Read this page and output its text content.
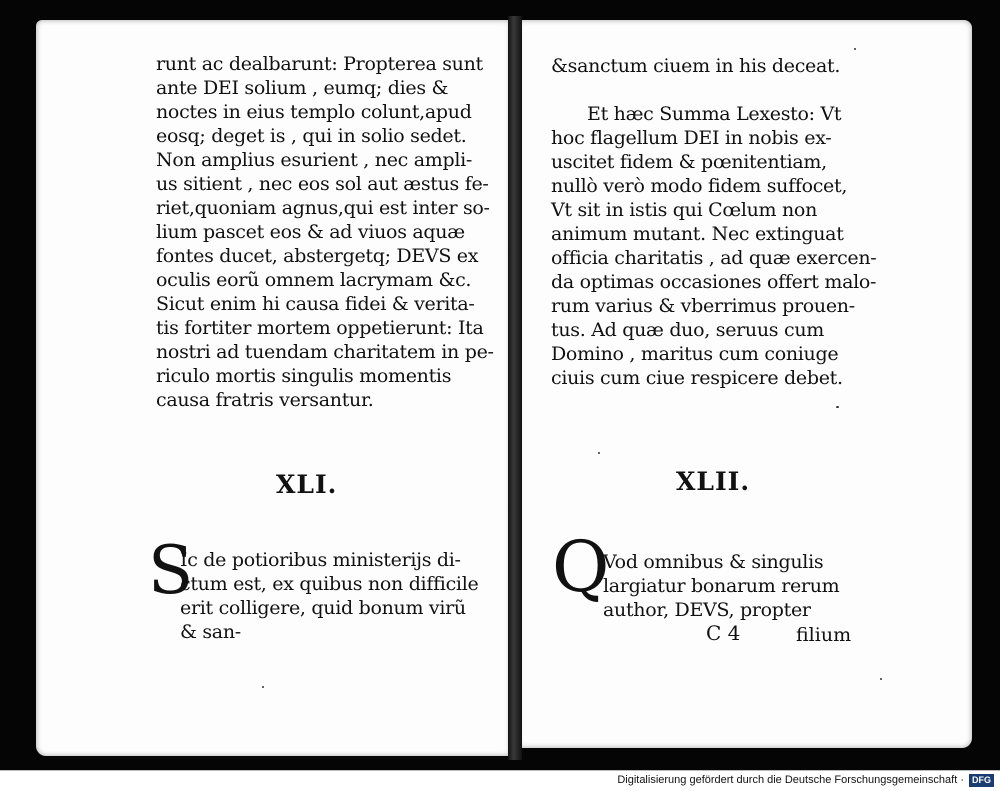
runt ac dealbarunt: Propterea sunt
ante DEI solium , eumq; dies &
noctes in eius templo colunt,apud
eosq; deget is , qui in solio sedet.
Non amplius esurient , nec ampli-
us sitient , nec eos sol aut æstus fe-
riet,quoniam agnus,qui est inter so-
lium pascet eos & ad viuos aquæ
fontes ducet, abstergetq; DEVS ex
oculis eorũ omnem lacrymam &c.
Sicut enim hi causa fidei & verita-
tis fortiter mortem oppetierunt: Ita
nostri ad tuendam charitatem in pe-
riculo mortis singulis momentis
causa fratris versantur.
XLI.
S
Ic de potioribus ministerijs di-
ctum est, ex quibus non difficile
erit colligere, quid bonum virũ
& san-
&sanctum ciuem in his deceat.
Et hæc Summa Lexesto: Vt
hoc flagellum DEI in nobis ex-
uscitet fidem & pœnitentiam,
nullò verò modo fidem suffocet,
Vt sit in istis qui Cœlum non
animum mutant. Nec extinguat
officia charitatis , ad quæ exercen-
da optimas occasiones offert malo-
rum varius & vberrimus prouen-
tus. Ad quæ duo, seruus cum
Domino , maritus cum coniuge
ciuis cum ciue respicere debet.
XLII.
Q
Vod omnibus & singulis
largiatur bonarum rerum
author, DEVS, propter
C 4	filium
Digitalisierung gefördert durch die Deutsche Forschungsgemeinschaft · DFG
